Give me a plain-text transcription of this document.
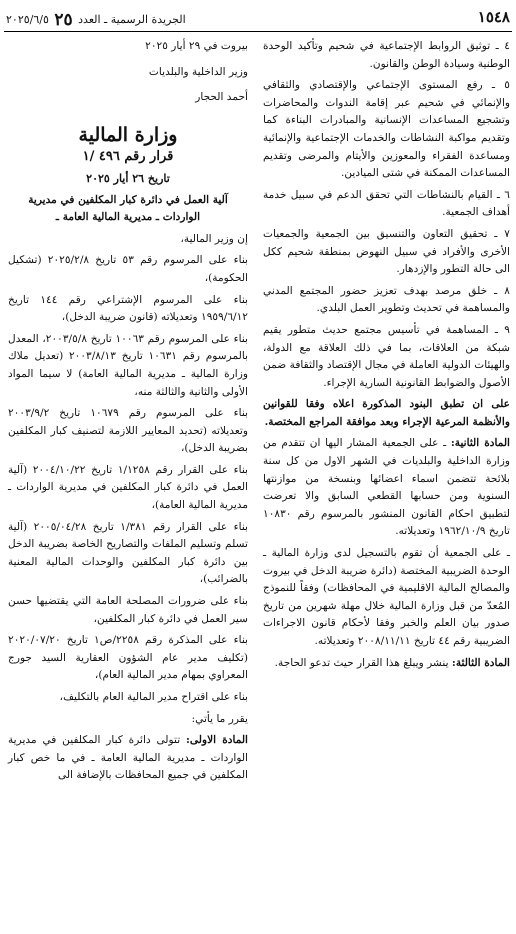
١٥٤٨
الجريدة الرسمية ـ العدد ٢٥ ٢٠٢٥/٦/٥

٤ ـ توثيق الروابط الإجتماعية في شحيم وتأكيد الوحدة الوطنية وسيادة الوطن والقانون.

٥ ـ رفع المستوى الإجتماعي والإقتصادي والثقافي والإنمائي في شحيم عبر إقامة الندوات والمحاضرات وتشجيع المساعدات الإنسانية والمبادرات البناءة كما وتقديم مواكبة النشاطات والخدمات الإجتماعية والإنمائية ومساعدة الفقراء والمعوزين والأيتام والمرضى وتقديم المساعدات الممكنة في شتى الميادين.

٦ ـ القيام بالنشاطات التي تحقق الدعم في سبيل خدمة أهداف الجمعية.

٧ ـ تحقيق التعاون والتنسيق بين الجمعية والجمعيات الأخرى والأفراد في سبيل النهوض بمنطقة شحيم ككل الى حالة التطور والإزدهار.

٨ ـ خلق مرصد بهدف تعزيز حضور المجتمع المدني والمساهمة في تحديث وتطوير العمل البلدي.

٩ ـ المساهمة في تأسيس مجتمع حديث متطور يقيم شبكة من العلاقات، بما في ذلك العلاقة مع الدولة، والهيئات الدولية العاملة في مجال الإقتصاد والثقافة ضمن الأصول والضوابط القانونية السارية الإجراء.

على ان تطبق البنود المذكورة اعلاه وفقا للقوانين والأنظمة المرعية الإجراء وبعد موافقة المراجع المختصة.

المادة الثانية: ـ على الجمعية المشار اليها ان تتقدم من وزارة الداخلية والبلديات في الشهر الاول من كل سنة بلائحة تتضمن اسماء اعضائها وبنسخة من موازنتها السنوية ومن حسابها القطعي السابق والا تعرضت لتطبيق احكام القانون المنشور بالمرسوم رقم ١٠٨٣٠ تاريخ ١٩٦٢/١٠/٩ وتعديلاته.

ـ على الجمعية أن تقوم بالتسجيل لدى وزارة المالية ـ الوحدة الضريبية المختصة (دائرة ضريبة الدخل في بيروت والمصالح المالية الاقليمية في المحافظات) وفقاً للنموذج المُعدّ من قبل وزارة المالية خلال مهلة شهرين من تاريخ صدور بيان العلم والخبر وفقا لأحكام قانون الاجراءات الضريبية رقم ٤٤ تاريخ ٢٠٠٨/١١/١١ وتعديلاته.

المادة الثالثة: ينشر ويبلغ هذا القرار حيث تدعو الحاجة.

بيروت في ٢٩ أيار ٢٠٢٥

وزير الداخلية والبلديات

أحمد الحجار

وزارة المالية

قرار رقم ٤٩٦ /١

تاريخ ٢٦ أيار ٢٠٢٥

آلية العمل في دائرة كبار المكلفين في مديرية الواردات ـ مديرية المالية العامة ـ

إن وزير المالية،

بناء على المرسوم رقم ٥٣ تاريخ ٢٠٢٥/٢/٨ (تشكيل الحكومة)،

بناء على المرسوم الإشتراعي رقم ١٤٤ تاريخ ١٩٥٩/٦/١٢ وتعديلاته (قانون ضريبة الدخل)،

بناء على المرسوم رقم ١٠٠٦٣ تاريخ ٢٠٠٣/٥/٨، المعدل بالمرسوم رقم ١٠٦٣١ تاريخ ٢٠٠٣/٨/١٣ (تعديل ملاك وزارة المالية ـ مديرية المالية العامة) لا سيما المواد الأولى والثانية والثالثة منه،

بناء على المرسوم رقم ١٠٦٧٩ تاريخ ٢٠٠٣/٩/٢ وتعديلاته (تحديد المعايير اللازمة لتصنيف كبار المكلفين بضريبة الدخل)،

بناء على القرار رقم ١/١٢٥٨ تاريخ ٢٠٠٤/١٠/٢٢ (آلية العمل في دائرة كبار المكلفين في مديرية الواردات ـ مديرية المالية العامة)،

بناء على القرار رقم ١/٣٨١ تاريخ ٢٠٠٥/٠٤/٢٨ (آلية تسلم وتسليم الملفات والتصاريح الخاصة بضريبة الدخل بين دائرة كبار المكلفين والوحدات المالية المعنية بالضرائب)،

بناء على ضرورات المصلحة العامة التي يقتضيها حسن سير العمل في دائرة كبار المكلفين،

بناء على المذكرة رقم ٢٢٥٨/ص١ تاريخ ٢٠٢٠/٠٧/٢٠ (تكليف مدير عام الشؤون العقارية السيد جورج المعراوي بمهام مدير المالية العام)،

بناء على اقتراح مدير المالية العام بالتكليف،

يقرر ما يأتي:

المادة الاولى: تتولى دائرة كبار المكلفين في مديرية الواردات ـ مديرية المالية العامة ـ في ما خص كبار المكلفين في جميع المحافظات بالإضافة الى
